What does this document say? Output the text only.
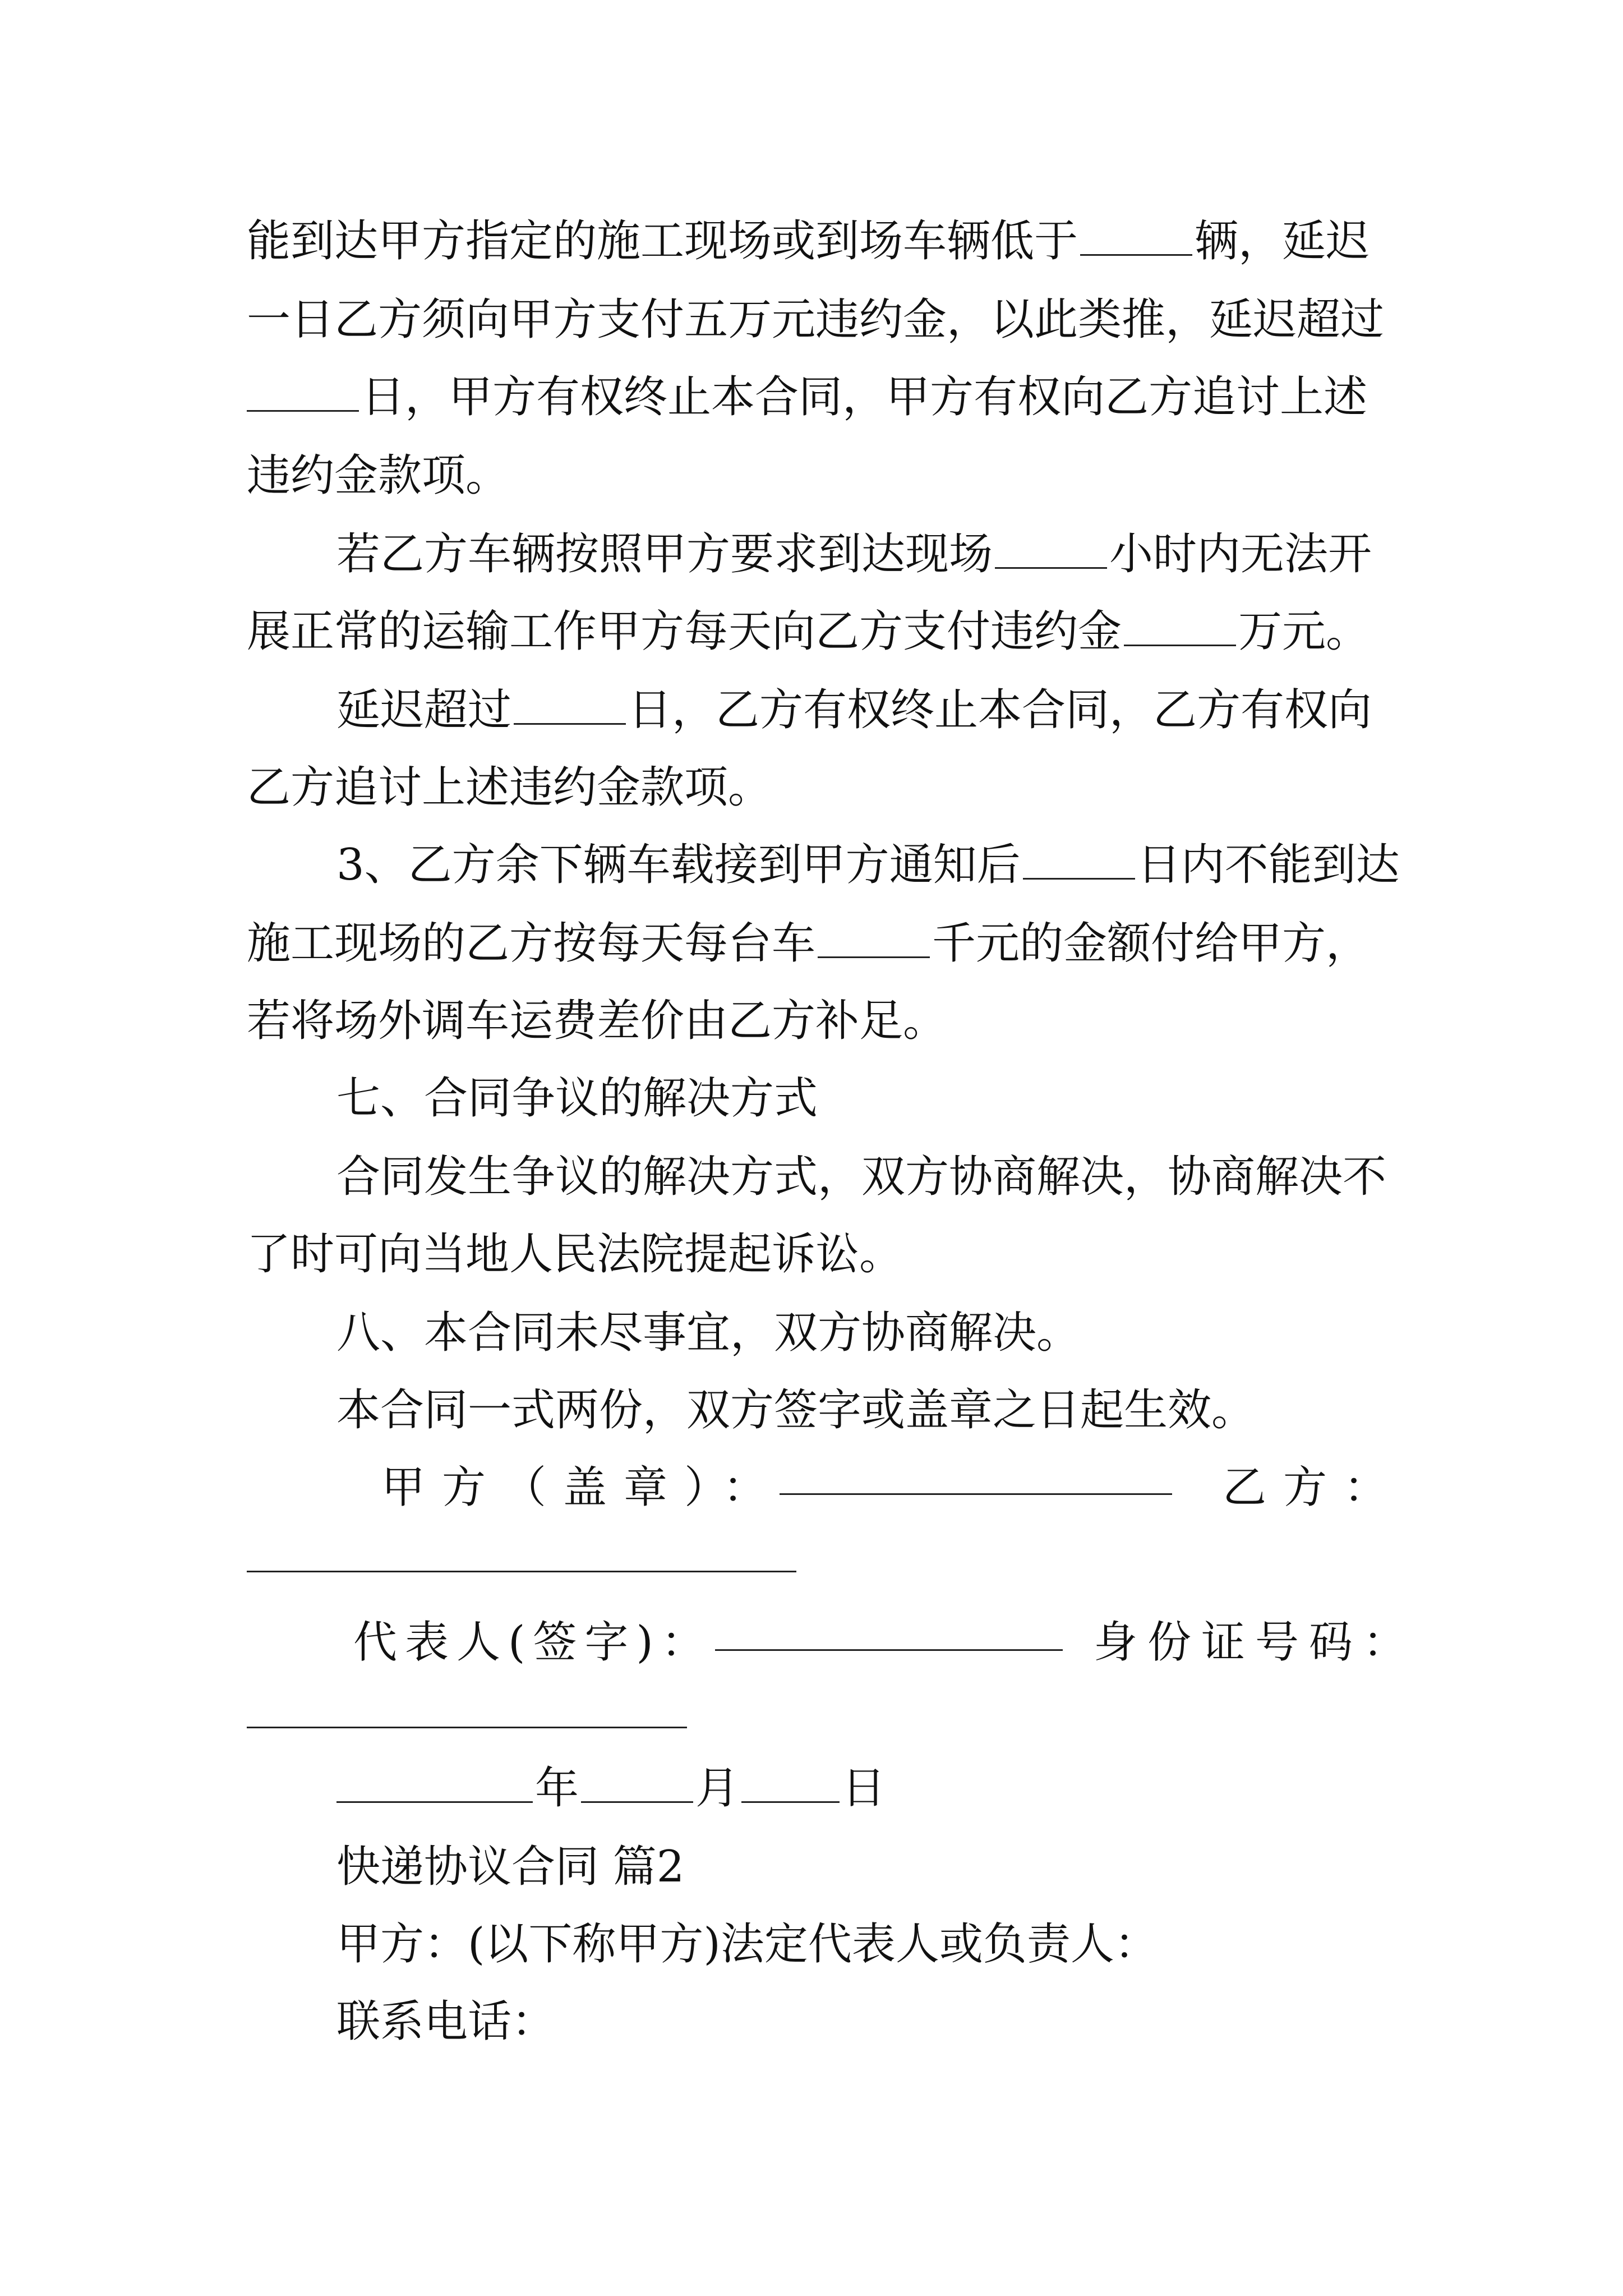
能到达甲方指定的施工现场或到场车辆低于	辆，延迟
一日乙方须向甲方支付五万元违约金，以此类推，延迟超过
日，甲方有权终止本合同，甲方有权向乙方追讨上述
违约金款项。
若乙方车辆按照甲方要求到达现场	小时内无法开
展正常的运输工作甲方每天向乙方支付违约金	万元。
延迟超过	日，乙方有权终止本合同，乙方有权向
乙方追讨上述违约金款项。
3、乙方余下辆车载接到甲方通知后	日内不能到达
施工现场的乙方按每天每台车	千元的金额付给甲方，
若将场外调车运费差价由乙方补足。
七、合同争议的解决方式
合同发生争议的解决方式，双方协商解决，协商解决不
了时可向当地人民法院提起诉讼。
八、本合同未尽事宜，双方协商解决。
本合同一式两份，双方签字或盖章之日起生效。
甲方（盖章）：	乙方：
代表人(签字)：	身份证号码：
年	月 日
快递协议合同 篇2
甲方：(以下称甲方)法定代表人或负责人：
联系电话：
